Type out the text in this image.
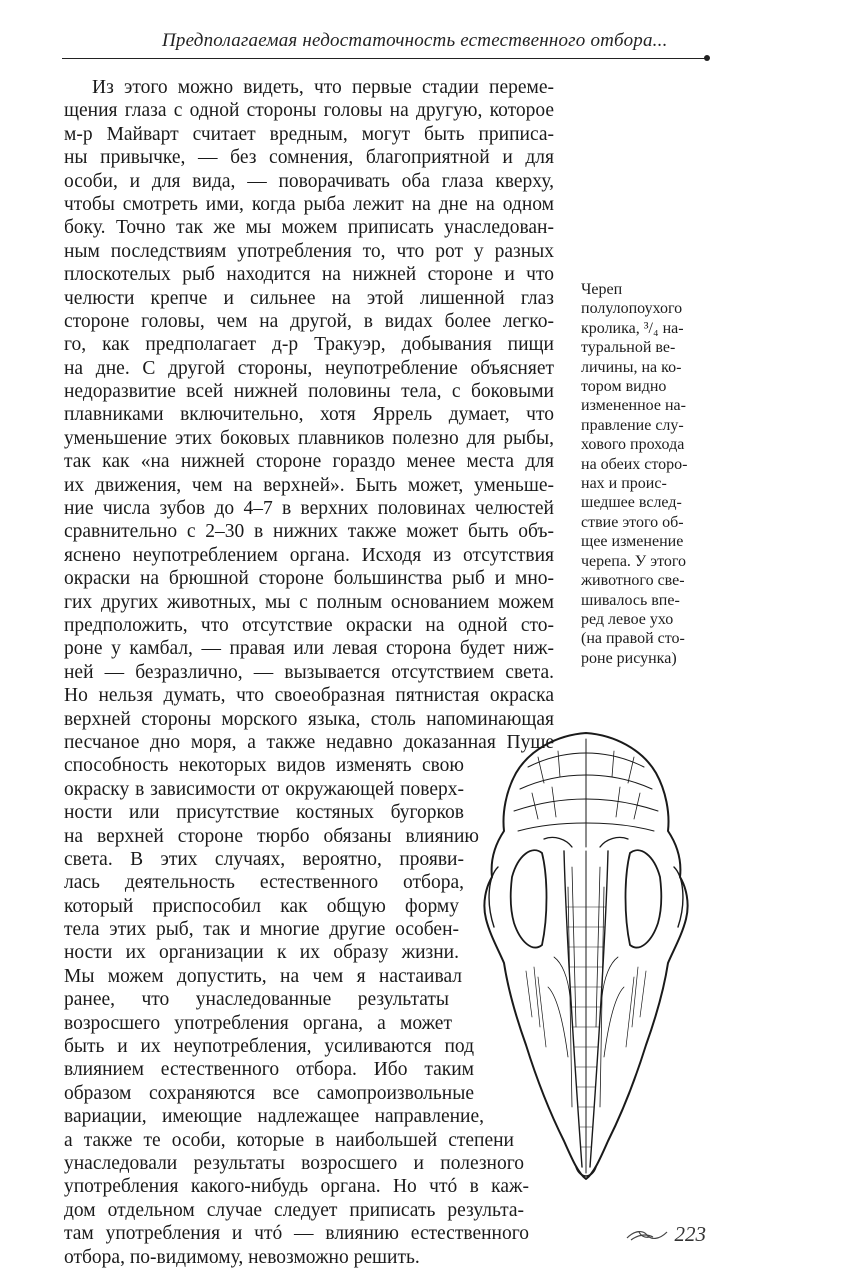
Предполагаемая недостаточность естественного отбора...
Из этого можно видеть, что первые стадии переме-
щения глаза с одной стороны головы на другую, которое
м-р Майварт считает вредным, могут быть приписа-
ны привычке, — без сомнения, благоприятной и для
особи, и для вида, — поворачивать оба глаза кверху,
чтобы смотреть ими, когда рыба лежит на дне на одном
боку. Точно так же мы можем приписать унаследован-
ным последствиям употребления то, что рот у разных
плоскотелых рыб находится на нижней стороне и что
челюсти крепче и сильнее на этой лишенной глаз
стороне головы, чем на другой, в видах более легко-
го, как предполагает д-р Тракуэр, добывания пищи
на дне. С другой стороны, неупотребление объясняет
недоразвитие всей нижней половины тела, с боковыми
плавниками включительно, хотя Яррель думает, что
уменьшение этих боковых плавников полезно для рыбы,
так как «на нижней стороне гораздо менее места для
их движения, чем на верхней». Быть может, уменьше-
ние числа зубов до 4–7 в верхних половинах челюстей
сравнительно с 2–30 в нижних также может быть объ-
яснено неупотреблением органа. Исходя из отсутствия
окраски на брюшной стороне большинства рыб и мно-
гих других животных, мы с полным основанием можем
предположить, что отсутствие окраски на одной сто-
роне у камбал, — правая или левая сторона будет ниж-
ней — безразлично, — вызывается отсутствием света.
Но нельзя думать, что своеобразная пятнистая окраска
верхней стороны морского языка, столь напоминающая
песчаное дно моря, а также недавно доказанная Пуше
способность некоторых видов изменять свою
окраску в зависимости от окружающей поверх-
ности или присутствие костяных бугорков
на верхней стороне тюрбо обязаны влиянию
света. В этих случаях, вероятно, прояви-
лась деятельность естественного отбора,
который приспособил как общую форму
тела этих рыб, так и многие другие особен-
ности их организации к их образу жизни.
Мы можем допустить, на чем я настаивал
ранее, что унаследованные результаты
возросшего употребления органа, а может
быть и их неупотребления, усиливаются под
влиянием естественного отбора. Ибо таким
образом сохраняются все самопроизвольные
вариации, имеющие надлежащее направление,
а также те особи, которые в наибольшей степени
унаследовали результаты возросшего и полезного
употребления какого-нибудь органа. Но чтó в каж-
дом отдельном случае следует приписать результа-
там употребления и чтó — влиянию естественного
отбора, по-видимому, невозможно решить.
Череп
полулопоухого
кролика, ³/₄ на-
туральной ве-
личины, на ко-
тором видно
измененное на-
правление слу-
хового прохода
на обеих сторо-
нах и проис-
шедшее вслед-
ствие этого об-
щее изменение
черепа. У этого
животного све-
шивалось впе-
ред левое ухо
(на правой сто-
роне рисунка)
223
